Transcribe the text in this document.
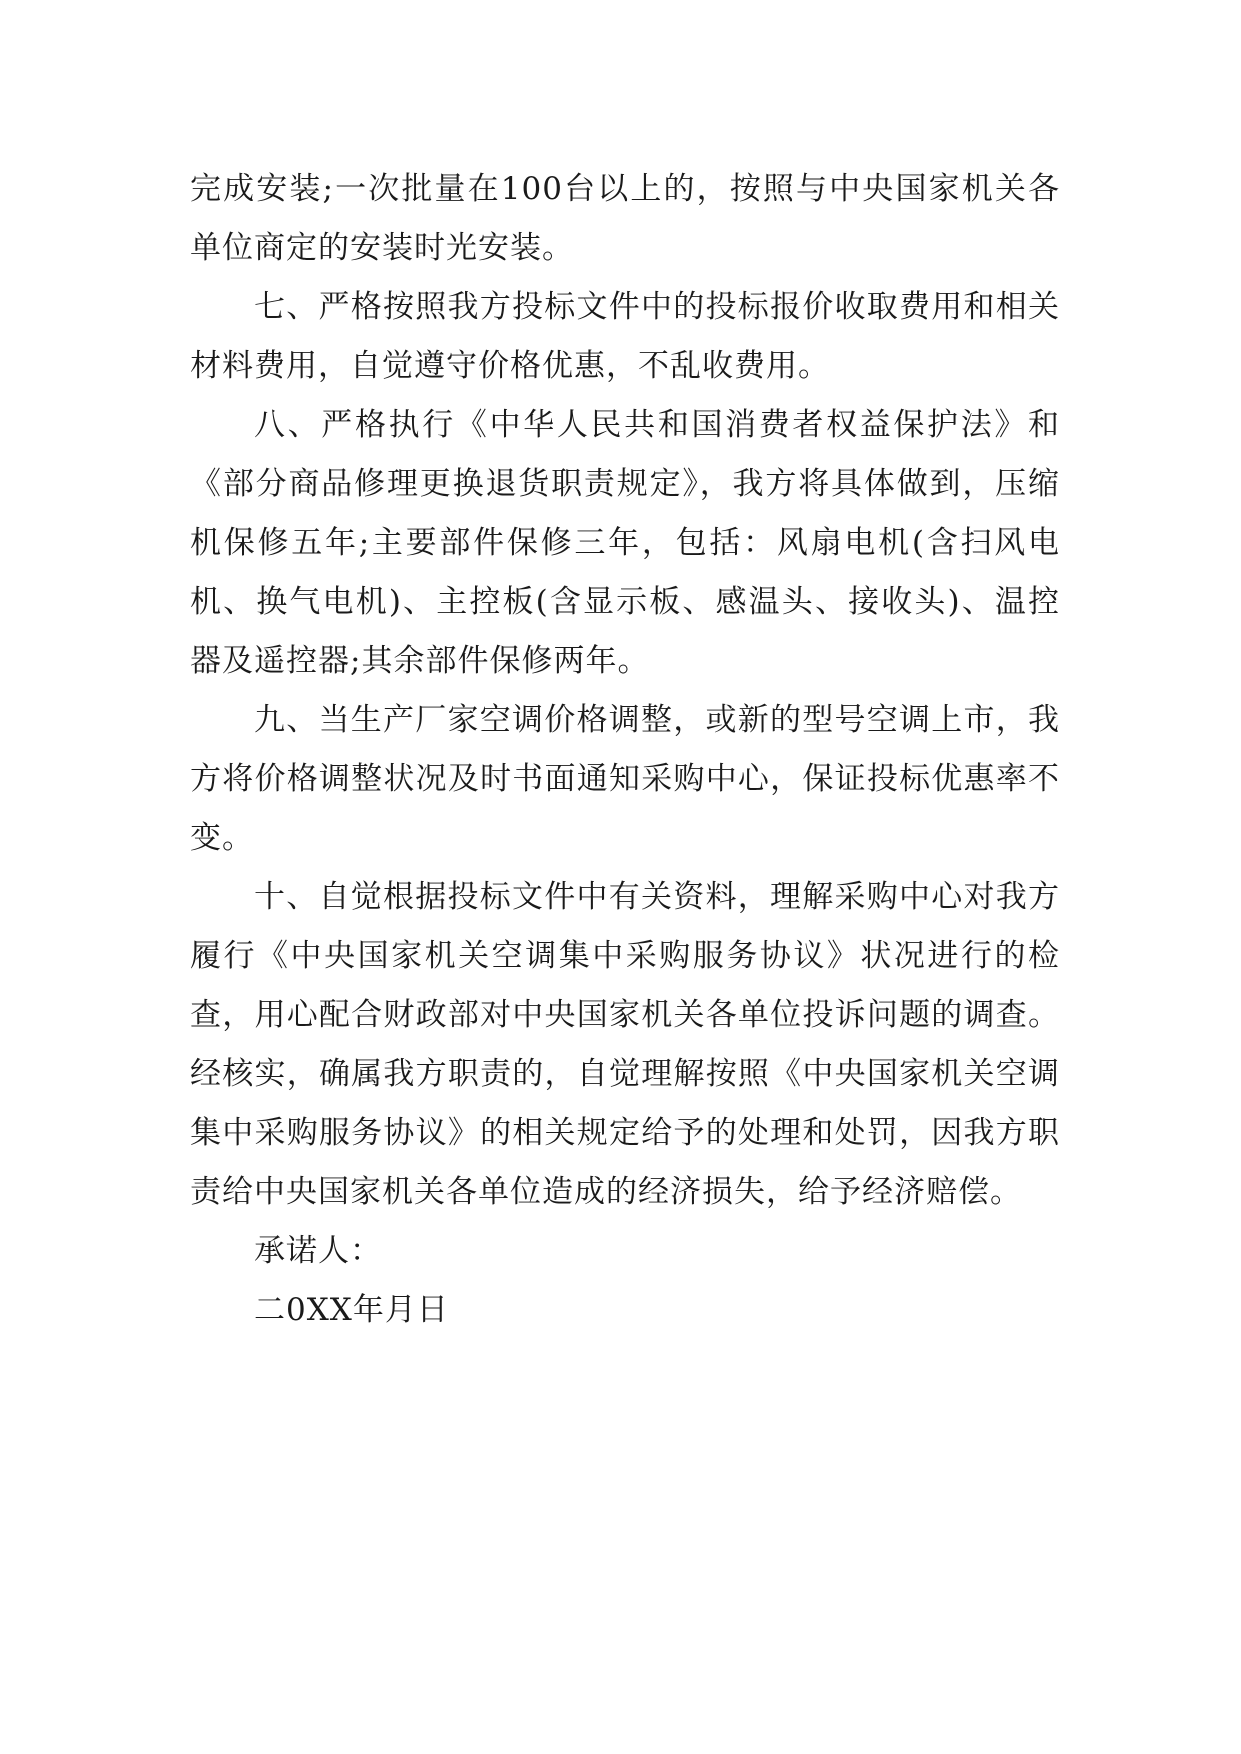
完成安装;一次批量在100台以上的，按照与中央国家机关各单位商定的安装时光安装。

七、严格按照我方投标文件中的投标报价收取费用和相关材料费用，自觉遵守价格优惠，不乱收费用。

八、严格执行《中华人民共和国消费者权益保护法》和《部分商品修理更换退货职责规定》，我方将具体做到，压缩机保修五年;主要部件保修三年，包括：风扇电机(含扫风电机、换气电机)、主控板(含显示板、感温头、接收头)、温控器及遥控器;其余部件保修两年。

九、当生产厂家空调价格调整，或新的型号空调上市，我方将价格调整状况及时书面通知采购中心，保证投标优惠率不变。

十、自觉根据投标文件中有关资料，理解采购中心对我方履行《中央国家机关空调集中采购服务协议》状况进行的检查，用心配合财政部对中央国家机关各单位投诉问题的调查。经核实，确属我方职责的，自觉理解按照《中央国家机关空调集中采购服务协议》的相关规定给予的处理和处罚，因我方职责给中央国家机关各单位造成的经济损失，给予经济赔偿。

承诺人：

二0XX年月日
